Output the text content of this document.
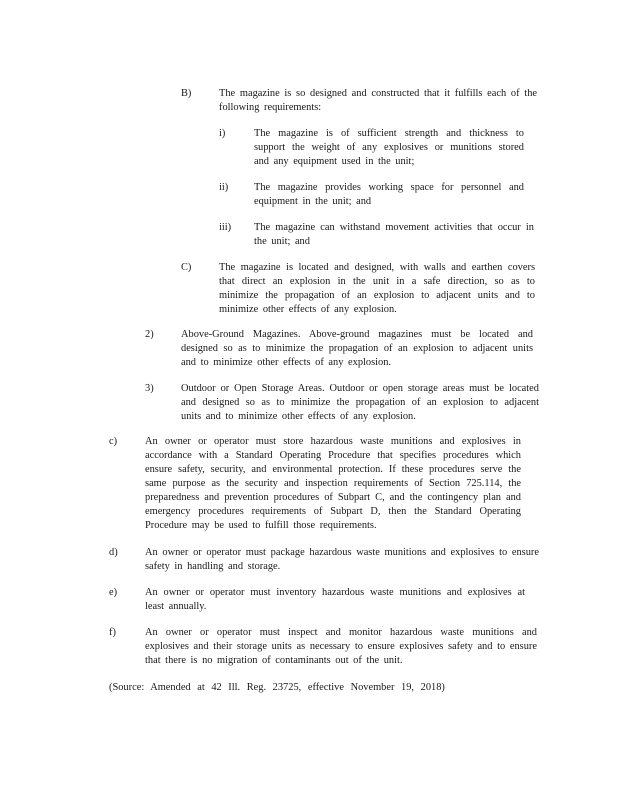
B)	The magazine is so designed and constructed that it fulfills each of the following requirements:
i)	The magazine is of sufficient strength and thickness to support the weight of any explosives or munitions stored and any equipment used in the unit;
ii) The magazine provides working space for personnel and equipment in the unit; and
iii) The magazine can withstand movement activities that occur in the unit; and
C)	The magazine is located and designed, with walls and earthen covers that direct an explosion in the unit in a safe direction, so as to minimize the propagation of an explosion to adjacent units and to minimize other effects of any explosion.
2)	Above-Ground Magazines. Above-ground magazines must be located and designed so as to minimize the propagation of an explosion to adjacent units and to minimize other effects of any explosion.
3)	Outdoor or Open Storage Areas. Outdoor or open storage areas must be located and designed so as to minimize the propagation of an explosion to adjacent units and to minimize other effects of any explosion.
c)	An owner or operator must store hazardous waste munitions and explosives in accordance with a Standard Operating Procedure that specifies procedures which ensure safety, security, and environmental protection. If these procedures serve the same purpose as the security and inspection requirements of Section 725.114, the preparedness and prevention procedures of Subpart C, and the contingency plan and emergency procedures requirements of Subpart D, then the Standard Operating Procedure may be used to fulfill those requirements.
d)	An owner or operator must package hazardous waste munitions and explosives to ensure safety in handling and storage.
e)	An owner or operator must inventory hazardous waste munitions and explosives at least annually.
f)	An owner or operator must inspect and monitor hazardous waste munitions and explosives and their storage units as necessary to ensure explosives safety and to ensure that there is no migration of contaminants out of the unit.
(Source: Amended at 42 Ill. Reg. 23725, effective November 19, 2018)
